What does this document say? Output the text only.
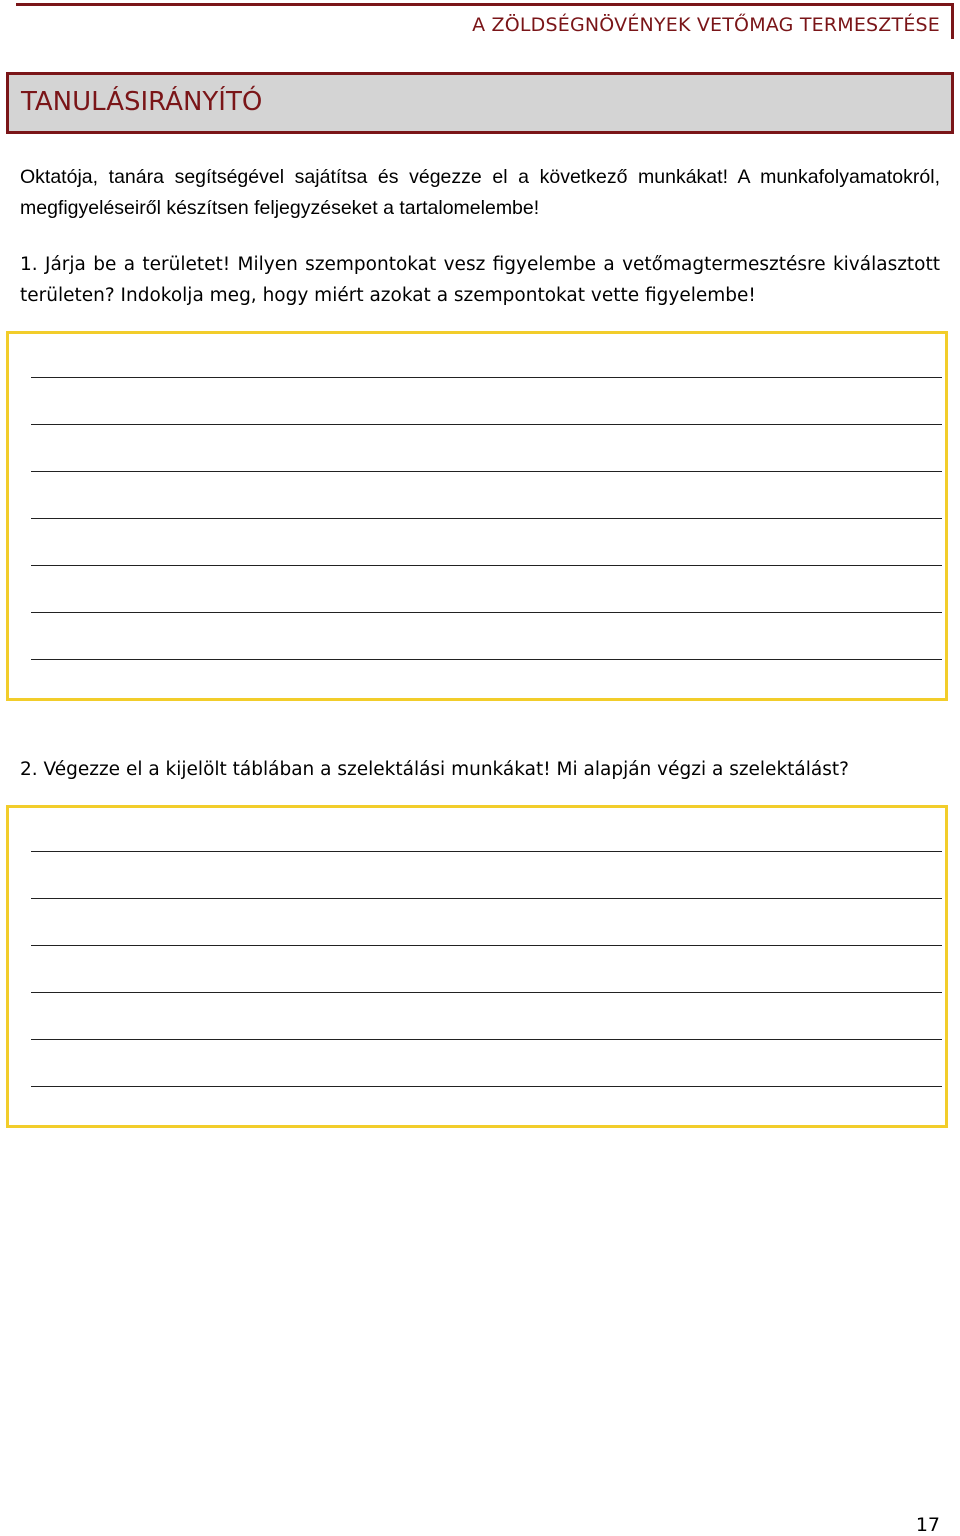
A ZÖLDSÉGNÖVÉNYEK VETŐMAG TERMESZTÉSE
TANULÁSIRÁNYÍTÓ
Oktatója, tanára segítségével sajátítsa és végezze el a következő munkákat! A munkafolyamatokról, megfigyeléseiről készítsen feljegyzéseket a tartalomelembe!
1. Járja be a területet! Milyen szempontokat vesz figyelembe a vetőmagtermesztésre kiválasztott területen? Indokolja meg, hogy miért azokat a szempontokat vette figyelembe!
2. Végezze el a kijelölt táblában a szelektálási munkákat! Mi alapján végzi a szelektálást?
17
